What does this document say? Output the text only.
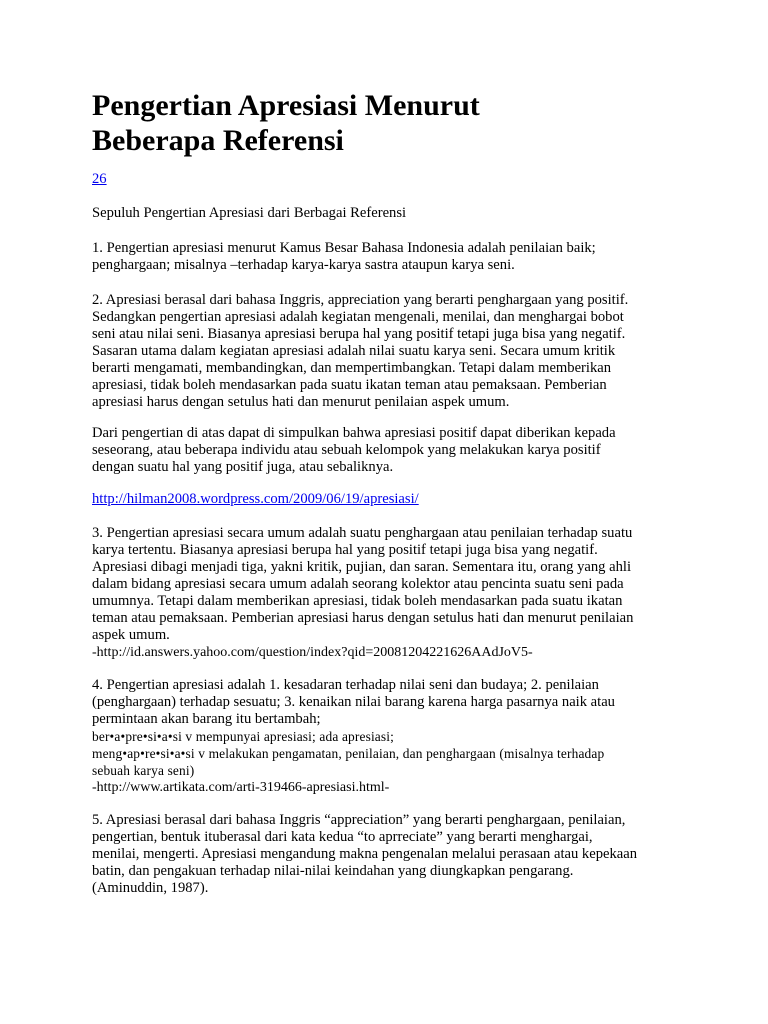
Pengertian Apresiasi Menurut
Beberapa Referensi
26
Sepuluh Pengertian Apresiasi dari Berbagai Referensi
1. Pengertian apresiasi menurut Kamus Besar Bahasa Indonesia adalah penilaian baik;
penghargaan; misalnya –terhadap karya-karya sastra ataupun karya seni.
2. Apresiasi berasal dari bahasa Inggris, appreciation yang berarti penghargaan yang positif.
Sedangkan pengertian apresiasi adalah kegiatan mengenali, menilai, dan menghargai bobot
seni atau nilai seni. Biasanya apresiasi berupa hal yang positif tetapi juga bisa yang negatif.
Sasaran utama dalam kegiatan apresiasi adalah nilai suatu karya seni. Secara umum kritik
berarti mengamati, membandingkan, dan mempertimbangkan. Tetapi dalam memberikan
apresiasi, tidak boleh mendasarkan pada suatu ikatan teman atau pemaksaan. Pemberian
apresiasi harus dengan setulus hati dan menurut penilaian aspek umum.
Dari pengertian di atas dapat di simpulkan bahwa apresiasi positif dapat diberikan kepada
seseorang, atau beberapa individu atau sebuah kelompok yang melakukan karya positif
dengan suatu hal yang positif juga, atau sebaliknya.
http://hilman2008.wordpress.com/2009/06/19/apresiasi/
3. Pengertian apresiasi secara umum adalah suatu penghargaan atau penilaian terhadap suatu
karya tertentu. Biasanya apresiasi berupa hal yang positif tetapi juga bisa yang negatif.
Apresiasi dibagi menjadi tiga, yakni kritik, pujian, dan saran. Sementara itu, orang yang ahli
dalam bidang apresiasi secara umum adalah seorang kolektor atau pencinta suatu seni pada
umumnya. Tetapi dalam memberikan apresiasi, tidak boleh mendasarkan pada suatu ikatan
teman atau pemaksaan. Pemberian apresiasi harus dengan setulus hati dan menurut penilaian
aspek umum.
-http://id.answers.yahoo.com/question/index?qid=20081204221626AAdJoV5-
4. Pengertian apresiasi adalah 1. kesadaran terhadap nilai seni dan budaya; 2. penilaian
(penghargaan) terhadap sesuatu; 3. kenaikan nilai barang karena harga pasarnya naik atau
permintaan akan barang itu bertambah;
ber•a•pre•si•a•si v mempunyai apresiasi; ada apresiasi;
meng•ap•re•si•a•si v melakukan pengamatan, penilaian, dan penghargaan (misalnya terhadap
sebuah karya seni)
-http://www.artikata.com/arti-319466-apresiasi.html-
5. Apresiasi berasal dari bahasa Inggris “appreciation” yang berarti penghargaan, penilaian,
pengertian, bentuk ituberasal dari kata kedua “to aprreciate” yang berarti menghargai,
menilai, mengerti. Apresiasi mengandung makna pengenalan melalui perasaan atau kepekaan
batin, dan pengakuan terhadap nilai-nilai keindahan yang diungkapkan pengarang.
(Aminuddin, 1987).
